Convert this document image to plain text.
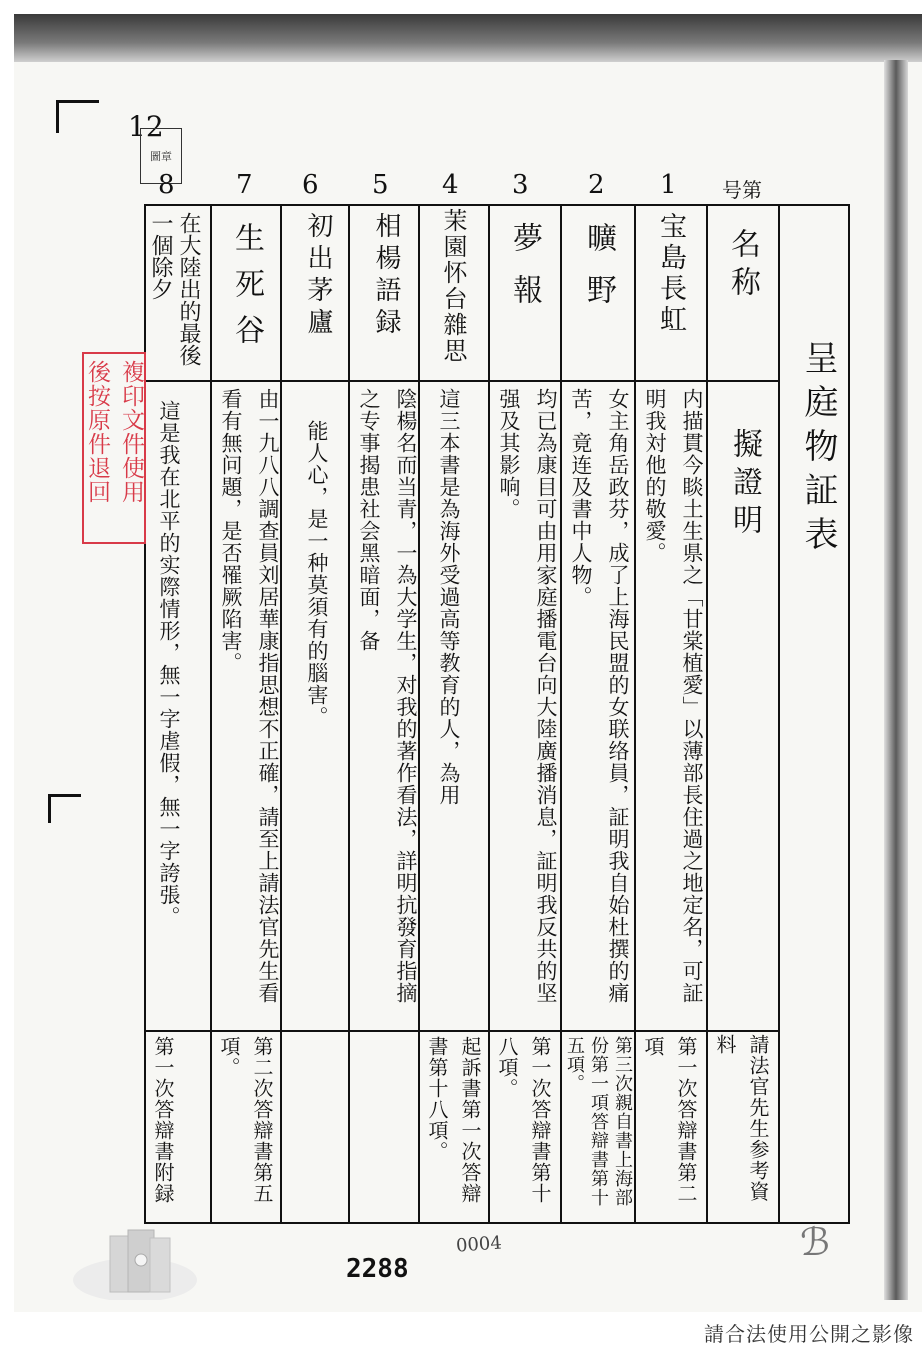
12
圖章
8 7 6 5 4 3 2 1 号第
呈庭物証表
名称
擬證明
請法官先生参考資料
宝島長虹
内描貫今睒土生県之「甘棠植愛」以薄部長住過之地定名，可証明我対他的敬愛。
第一次答辯書第二項
曠野
女主角岳政芬，成了上海民盟的女联络員，証明我自始杜撰的痛苦，竟连及書中人物。
第三次親自書上海部份第一項答辯書第十五項。
夢報
均已為康目可由用家庭播電台向大陸廣播消息，証明我反共的坚强及其影响。
第一次答辯書第十八項。
茉園怀台雜思
這三本書是為海外受過高等教育的人，為用
起訴書第一次答辯書第十八項。
相楊語録
陰楊名而当青，一為大学生，对我的著作看法，詳明抗發育指摘之专事揭患社会黑暗面，备
初出茅廬
能人心，是一种莫須有的腦害。
生死谷
由一九八八調查員刘居華康指思想不正確，請至上請法官先生看看有無问題，是否罹厥陷害。
第二次答辯書第五項。
在大陸出的最後一個除夕
這是我在北平的实際情形，無一字虐假，無一字誇張。
第一次答辯書附録
複印文件使用
後按原件退回
2288
0004	ℬ
請合法使用公開之影像
